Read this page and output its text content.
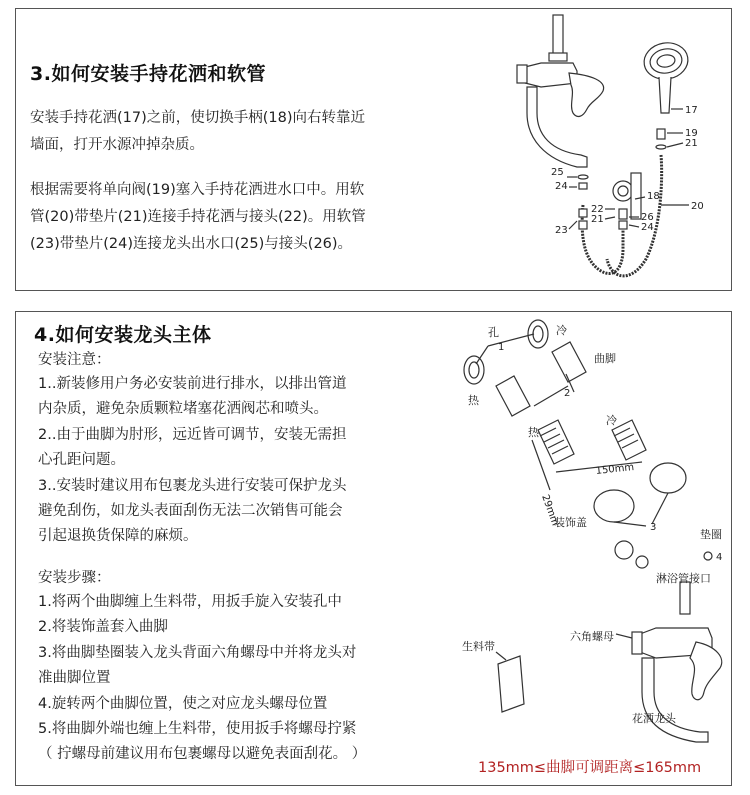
3.如何安装手持花洒和软管
安装手持花洒(17)之前，使切换手柄(18)向右转靠近
墙面，打开水源冲掉杂质。
根据需要将单向阀(19)塞入手持花洒进水口中。用软
管(20)带垫片(21)连接手持花洒与接头(22)。用软管
(23)带垫片(24)连接龙头出水口(25)与接头(26)。
17
19
21
25
24
18
20
22
21	26
24
23
4.如何安装龙头主体
安装注意：
1..新装修用户务必安装前进行排水，以排出管道
内杂质，避免杂质颗粒堵塞花洒阀芯和喷头。
2..由于曲脚为肘形，远近皆可调节，安装无需担
心孔距问题。
3..安装时建议用布包裹龙头进行安装可保护龙头
避免刮伤，如龙头表面刮伤无法二次销售可能会
引起退换货保障的麻烦。
安装步骤：
1.将两个曲脚缠上生料带，用扳手旋入安装孔中
2.将装饰盖套入曲脚
3.将曲脚垫圈装入龙头背面六角螺母中并将龙头对
准曲脚位置
4.旋转两个曲脚位置，使之对应龙头螺母位置
5.将曲脚外端也缠上生料带，使用扳手将螺母拧紧
（ 拧螺母前建议用布包裹螺母以避免表面刮花。 ）
孔
1
冷
曲脚
热
2
冷
热
150mm
29mm
装饰盖	3
垫圈
4
淋浴管接口
六角螺母
生料带
花洒龙头
135mm≤曲脚可调距离≤165mm
